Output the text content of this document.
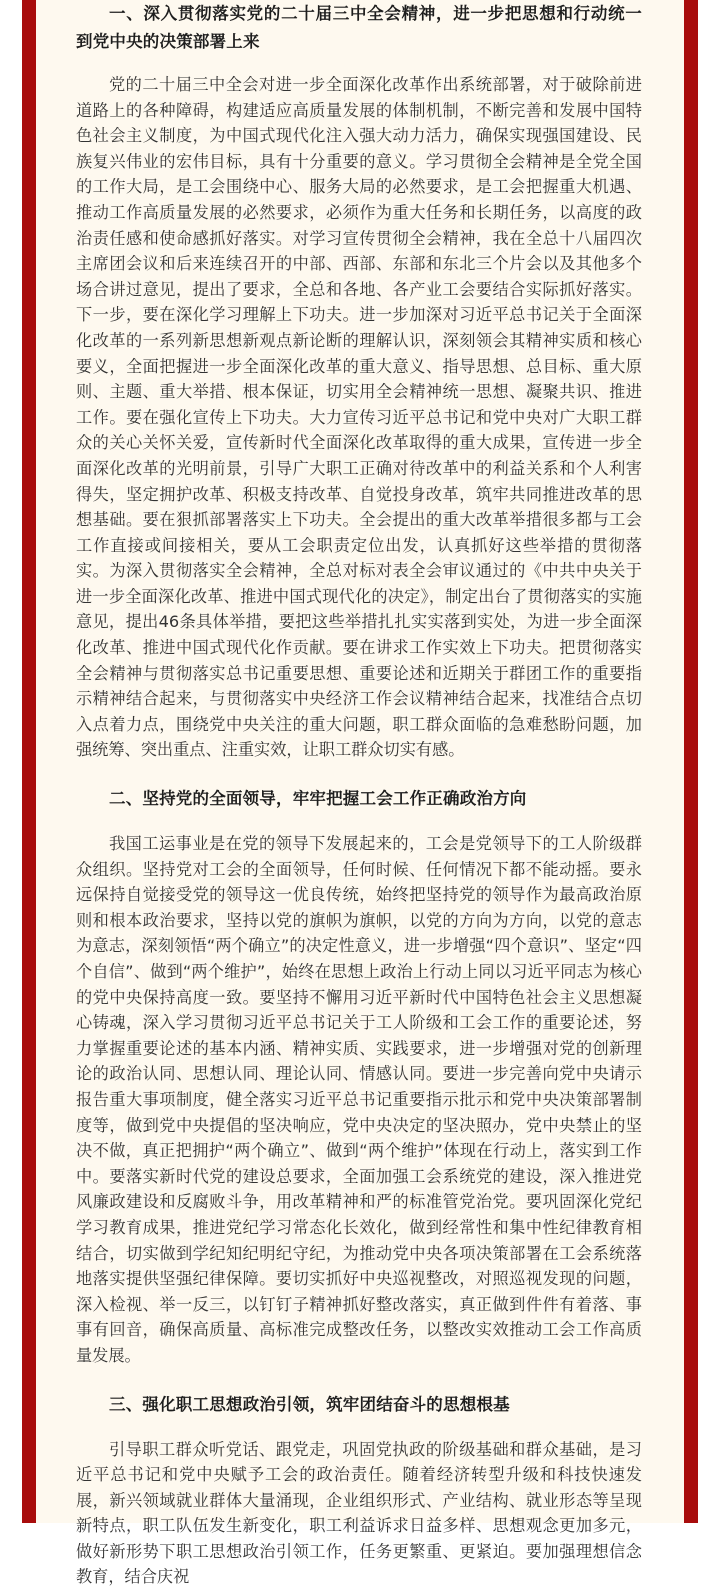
一、深入贯彻落实党的二十届三中全会精神，进一步把思想和行动统一到党中央的决策部署上来

党的二十届三中全会对进一步全面深化改革作出系统部署，对于破除前进道路上的各种障碍，构建适应高质量发展的体制机制，不断完善和发展中国特色社会主义制度，为中国式现代化注入强大动力活力，确保实现强国建设、民族复兴伟业的宏伟目标，具有十分重要的意义。学习贯彻全会精神是全党全国的工作大局，是工会围绕中心、服务大局的必然要求，是工会把握重大机遇、推动工作高质量发展的必然要求，必须作为重大任务和长期任务，以高度的政治责任感和使命感抓好落实。对学习宣传贯彻全会精神，我在全总十八届四次主席团会议和后来连续召开的中部、西部、东部和东北三个片会以及其他多个场合讲过意见，提出了要求，全总和各地、各产业工会要结合实际抓好落实。下一步，要在深化学习理解上下功夫。进一步加深对习近平总书记关于全面深化改革的一系列新思想新观点新论断的理解认识，深刻领会其精神实质和核心要义，全面把握进一步全面深化改革的重大意义、指导思想、总目标、重大原则、主题、重大举措、根本保证，切实用全会精神统一思想、凝聚共识、推进工作。要在强化宣传上下功夫。大力宣传习近平总书记和党中央对广大职工群众的关心关怀关爱，宣传新时代全面深化改革取得的重大成果，宣传进一步全面深化改革的光明前景，引导广大职工正确对待改革中的利益关系和个人利害得失，坚定拥护改革、积极支持改革、自觉投身改革，筑牢共同推进改革的思想基础。要在狠抓部署落实上下功夫。全会提出的重大改革举措很多都与工会工作直接或间接相关，要从工会职责定位出发，认真抓好这些举措的贯彻落实。为深入贯彻落实全会精神，全总对标对表全会审议通过的《中共中央关于进一步全面深化改革、推进中国式现代化的决定》，制定出台了贯彻落实的实施意见，提出46条具体举措，要把这些举措扎扎实实落到实处，为进一步全面深化改革、推进中国式现代化作贡献。要在讲求工作实效上下功夫。把贯彻落实全会精神与贯彻落实总书记重要思想、重要论述和近期关于群团工作的重要指示精神结合起来，与贯彻落实中央经济工作会议精神结合起来，找准结合点切入点着力点，围绕党中央关注的重大问题，职工群众面临的急难愁盼问题，加强统筹、突出重点、注重实效，让职工群众切实有感。

二、坚持党的全面领导，牢牢把握工会工作正确政治方向

我国工运事业是在党的领导下发展起来的，工会是党领导下的工人阶级群众组织。坚持党对工会的全面领导，任何时候、任何情况下都不能动摇。要永远保持自觉接受党的领导这一优良传统，始终把坚持党的领导作为最高政治原则和根本政治要求，坚持以党的旗帜为旗帜，以党的方向为方向，以党的意志为意志，深刻领悟“两个确立”的决定性意义，进一步增强“四个意识”、坚定“四个自信”、做到“两个维护”，始终在思想上政治上行动上同以习近平同志为核心的党中央保持高度一致。要坚持不懈用习近平新时代中国特色社会主义思想凝心铸魂，深入学习贯彻习近平总书记关于工人阶级和工会工作的重要论述，努力掌握重要论述的基本内涵、精神实质、实践要求，进一步增强对党的创新理论的政治认同、思想认同、理论认同、情感认同。要进一步完善向党中央请示报告重大事项制度，健全落实习近平总书记重要指示批示和党中央决策部署制度等，做到党中央提倡的坚决响应，党中央决定的坚决照办，党中央禁止的坚决不做，真正把拥护“两个确立”、做到“两个维护”体现在行动上，落实到工作中。要落实新时代党的建设总要求，全面加强工会系统党的建设，深入推进党风廉政建设和反腐败斗争，用改革精神和严的标准管党治党。要巩固深化党纪学习教育成果，推进党纪学习常态化长效化，做到经常性和集中性纪律教育相结合，切实做到学纪知纪明纪守纪，为推动党中央各项决策部署在工会系统落地落实提供坚强纪律保障。要切实抓好中央巡视整改，对照巡视发现的问题，深入检视、举一反三，以钉钉子精神抓好整改落实，真正做到件件有着落、事事有回音，确保高质量、高标准完成整改任务，以整改实效推动工会工作高质量发展。

三、强化职工思想政治引领，筑牢团结奋斗的思想根基

引导职工群众听党话、跟党走，巩固党执政的阶级基础和群众基础，是习近平总书记和党中央赋予工会的政治责任。随着经济转型升级和科技快速发展，新兴领域就业群体大量涌现，企业组织形式、产业结构、就业形态等呈现新特点，职工队伍发生新变化，职工利益诉求日益多样、思想观念更加多元，做好新形势下职工思想政治引领工作，任务更繁重、更紧迫。要加强理想信念教育，结合庆祝
